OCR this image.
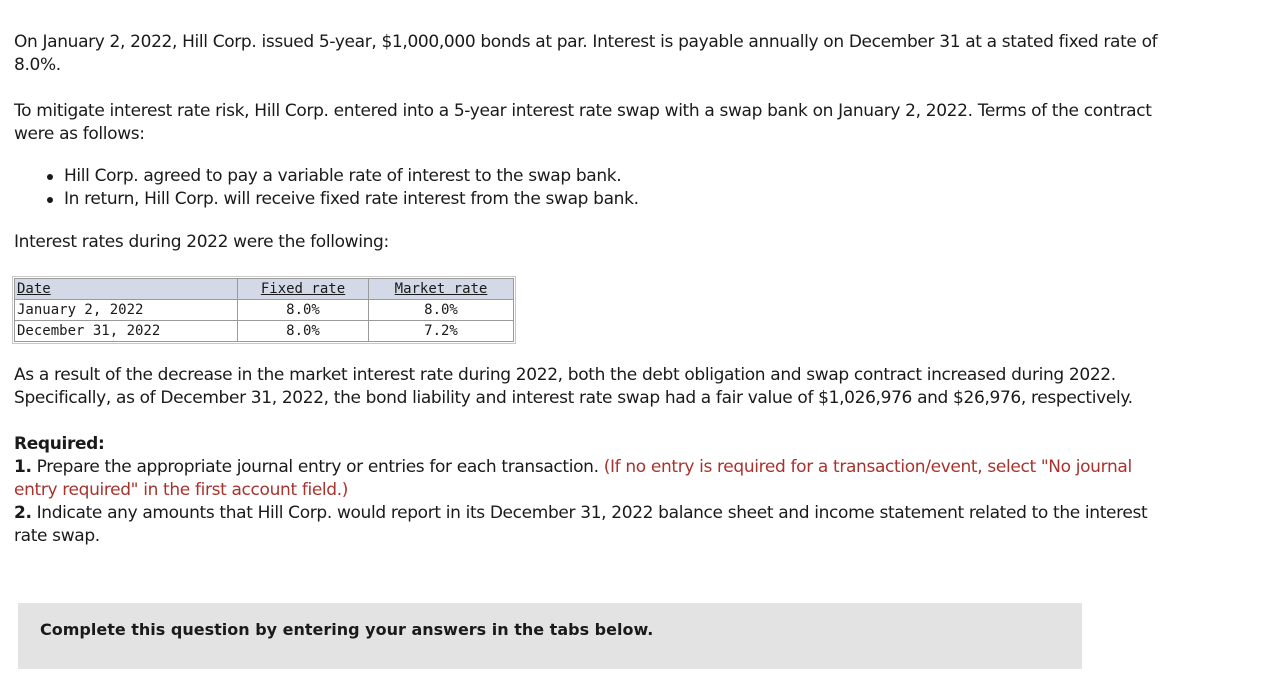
On January 2, 2022, Hill Corp. issued 5-year, $1,000,000 bonds at par. Interest is payable annually on December 31 at a stated fixed rate of 8.0%.

To mitigate interest rate risk, Hill Corp. entered into a 5-year interest rate swap with a swap bank on January 2, 2022. Terms of the contract were as follows:

Hill Corp. agreed to pay a variable rate of interest to the swap bank.
In return, Hill Corp. will receive fixed rate interest from the swap bank.

Interest rates during 2022 were the following:

Date	Fixed rate	Market rate
January 2, 2022	8.0%	8.0%
December 31, 2022	8.0%	7.2%

As a result of the decrease in the market interest rate during 2022, both the debt obligation and swap contract increased during 2022. Specifically, as of December 31, 2022, the bond liability and interest rate swap had a fair value of $1,026,976 and $26,976, respectively.

Required:
1. Prepare the appropriate journal entry or entries for each transaction. (If no entry is required for a transaction/event, select "No journal entry required" in the first account field.)
2. Indicate any amounts that Hill Corp. would report in its December 31, 2022 balance sheet and income statement related to the interest rate swap.
Complete this question by entering your answers in the tabs below.
